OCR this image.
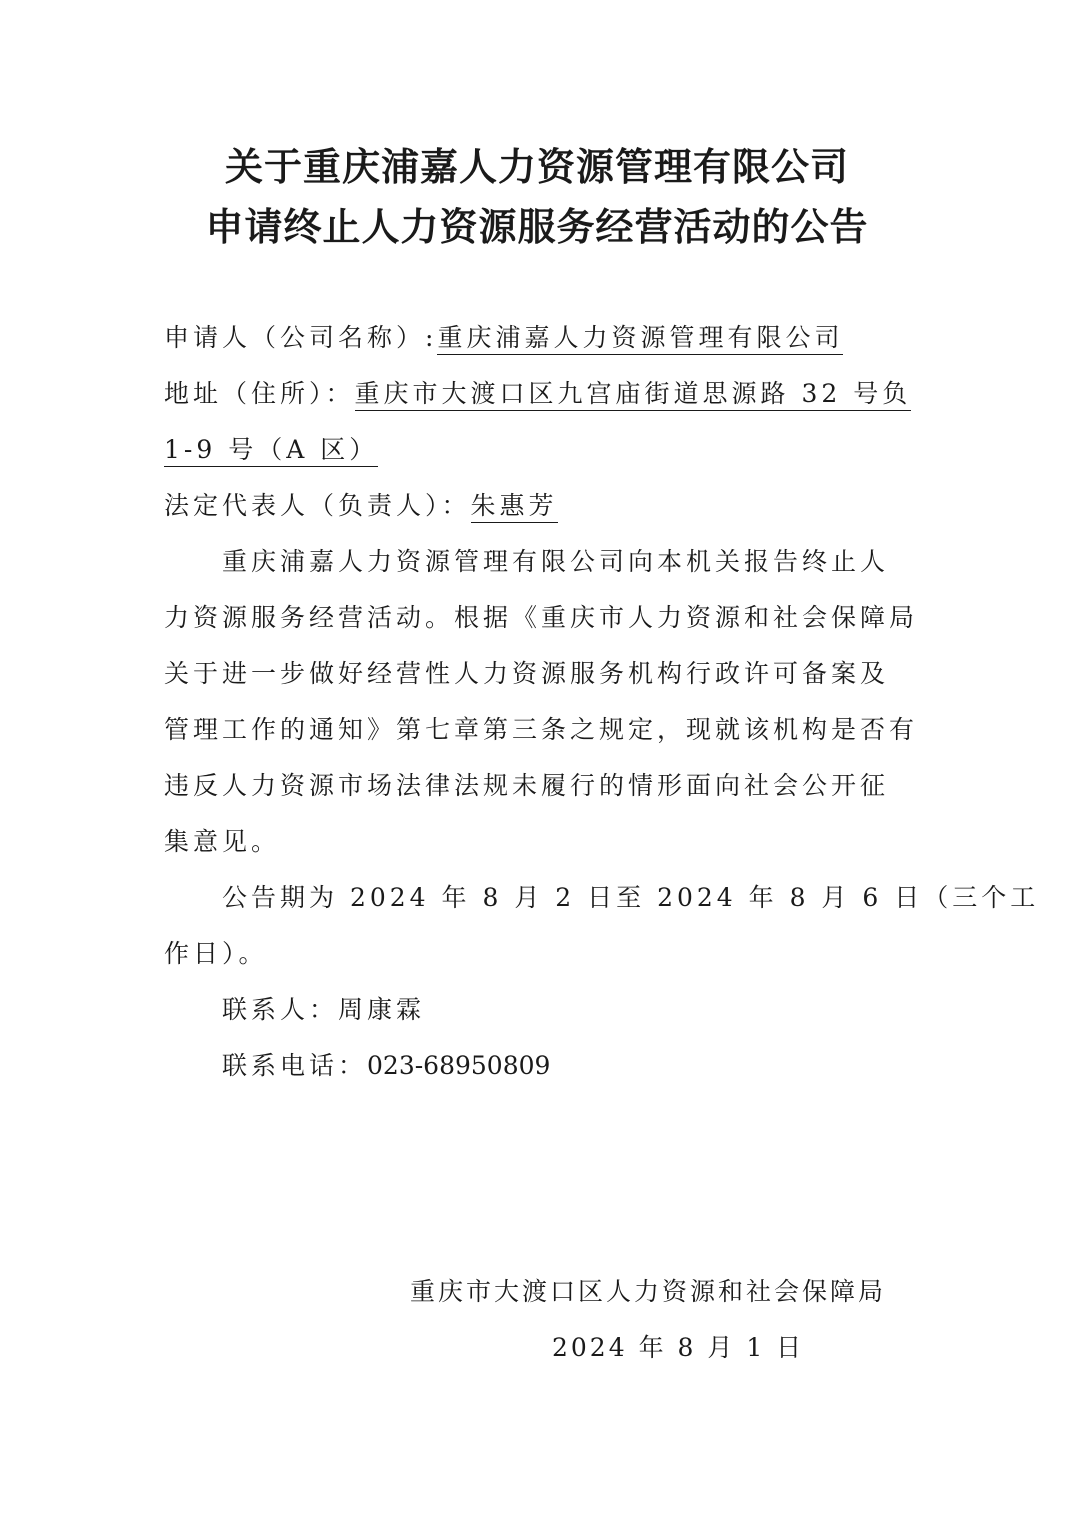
关于重庆浦嘉人力资源管理有限公司
申请终止人力资源服务经营活动的公告
申请人（公司名称）:重庆浦嘉人力资源管理有限公司
地址（住所）：重庆市大渡口区九宫庙街道思源路 32 号负
1-9 号（A 区）
法定代表人（负责人）：朱惠芳
重庆浦嘉人力资源管理有限公司向本机关报告终止人
力资源服务经营活动。根据《重庆市人力资源和社会保障局
关于进一步做好经营性人力资源服务机构行政许可备案及
管理工作的通知》第七章第三条之规定，现就该机构是否有
违反人力资源市场法律法规未履行的情形面向社会公开征
集意见。
公告期为 2024 年 8 月 2 日至 2024 年 8 月 6 日（三个工
作日）。
联系人：周康霖
联系电话：023-68950809
重庆市大渡口区人力资源和社会保障局
2024 年 8 月 1 日
